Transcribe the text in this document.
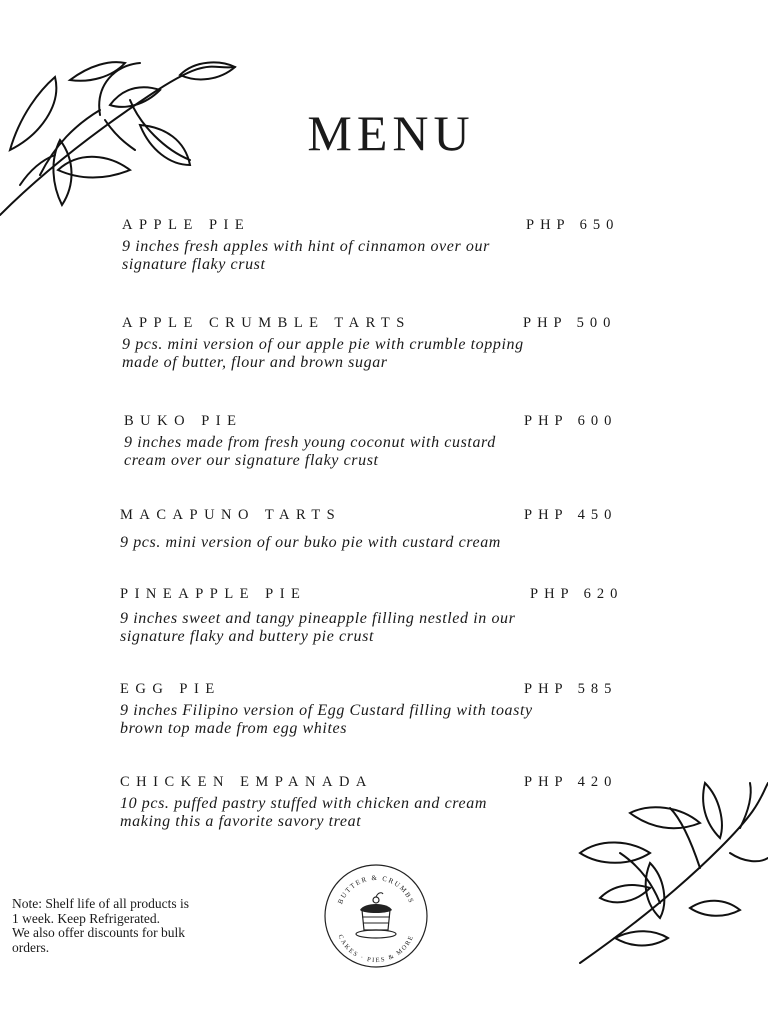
MENU
APPLE PIE	PHP 650
9 inches fresh apples with hint of cinnamon over our
signature flaky crust
APPLE CRUMBLE TARTS	PHP 500
9 pcs. mini version of our apple pie with crumble topping
made of butter, flour and brown sugar
BUKO PIE	PHP 600
9 inches made from fresh young coconut with custard
cream over our signature flaky crust
MACAPUNO TARTS	PHP 450
9 pcs. mini version of our buko pie with custard cream
PINEAPPLE PIE	PHP 620
9 inches sweet and tangy pineapple filling nestled in our
signature flaky and buttery pie crust
EGG PIE	PHP 585
9 inches Filipino version of Egg Custard filling with toasty
brown top made from egg whites
CHICKEN EMPANADA	PHP 420
10 pcs. puffed pastry stuffed with chicken and cream
making this a favorite savory treat
Note: Shelf life of all products is
1 week. Keep Refrigerated.
We also offer discounts for bulk
orders.
BUTTER & CRUMBS
CAKES · PIES & MORE
